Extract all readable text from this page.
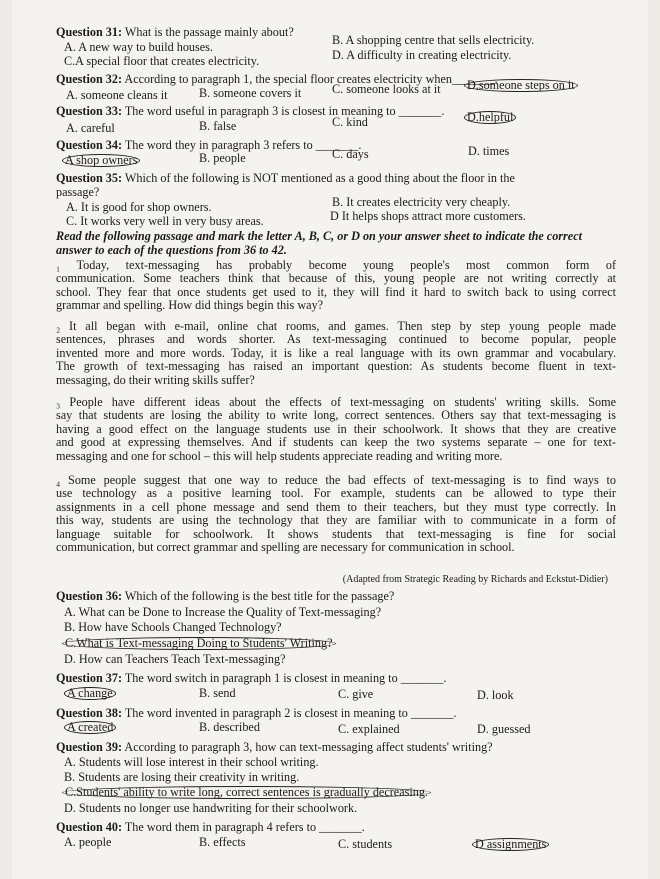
Question 31: What is the passage mainly about?
A. A new way to build houses.	B. A shopping centre that sells electricity.
C.A special floor that creates electricity.	D. A difficulty in creating electricity.
Question 32: According to paragraph 1, the special floor creates electricity when_______.
A. someone cleans it	B. someone covers it	C. someone looks at it D.someone steps on it
Question 33: The word useful in paragraph 3 is closest in meaning to _______.
A. careful	B. false	C. kind	D.helpful
Question 34: The word they in paragraph 3 refers to _______.
A shop owners	B. people	C. days	D. times
Question 35: Which of the following is NOT mentioned as a good thing about the floor in the
passage?
A. It is good for shop owners.	B. It creates electricity very cheaply.
C. It works very well in very busy areas.	D It helps shops attract more customers.
Read the following passage and mark the letter A, B, C, or D on your answer sheet to indicate the correct answer to each of the questions from 36 to 42.
₁ Today, text-messaging has probably become young people's most common form of
communication. Some teachers think that because of this, young people are not writing correctly at
school. They fear that once students get used to it, they will find it hard to switch back to using correct
grammar and spelling. How did things begin this way?
₂ It all began with e-mail, online chat rooms, and games. Then step by step young people made
sentences, phrases and words shorter. As text-messaging continued to become popular, people
invented more and more words. Today, it is like a real language with its own grammar and vocabulary.
The growth of text-messaging has raised an important question: As students become fluent in text-
messaging, do their writing skills suffer?
₃ People have different ideas about the effects of text-messaging on students' writing skills. Some
say that students are losing the ability to write long, correct sentences. Others say that text-messaging is
having a good effect on the language students use in their schoolwork. It shows that they are creative
and good at expressing themselves. And if students can keep the two systems separate – one for text-
messaging and one for school – this will help students appreciate reading and writing more.
₄ Some people suggest that one way to reduce the bad effects of text-messaging is to find ways to
use technology as a positive learning tool. For example, students can be allowed to type their
assignments in a cell phone message and send them to their teachers, but they must type correctly. In
this way, students are using the technology that they are familiar with to communicate in a form of
language suitable for schoolwork. It shows students that text-messaging is fine for social
communication, but correct grammar and spelling are necessary for communication in school.
(Adapted from Strategic Reading by Richards and Eckstut-Didier)
Question 36: Which of the following is the best title for the passage?
A. What can be Done to Increase the Quality of Text-messaging?
B. How have Schools Changed Technology?
C.What is Text-messaging Doing to Students' Writing?
D. How can Teachers Teach Text-messaging?
Question 37: The word switch in paragraph 1 is closest in meaning to _______.
A change	B. send	C. give	D. look
Question 38: The word invented in paragraph 2 is closest in meaning to _______.
A created	B. described	C. explained	D. guessed
Question 39: According to paragraph 3, how can text-messaging affect students' writing?
A. Students will lose interest in their school writing.
B. Students are losing their creativity in writing.
C.Students' ability to write long, correct sentences is gradually decreasing.
D. Students no longer use handwriting for their schoolwork.
Question 40: The word them in paragraph 4 refers to _______.
A. people	B. effects	C. students	D assignments
